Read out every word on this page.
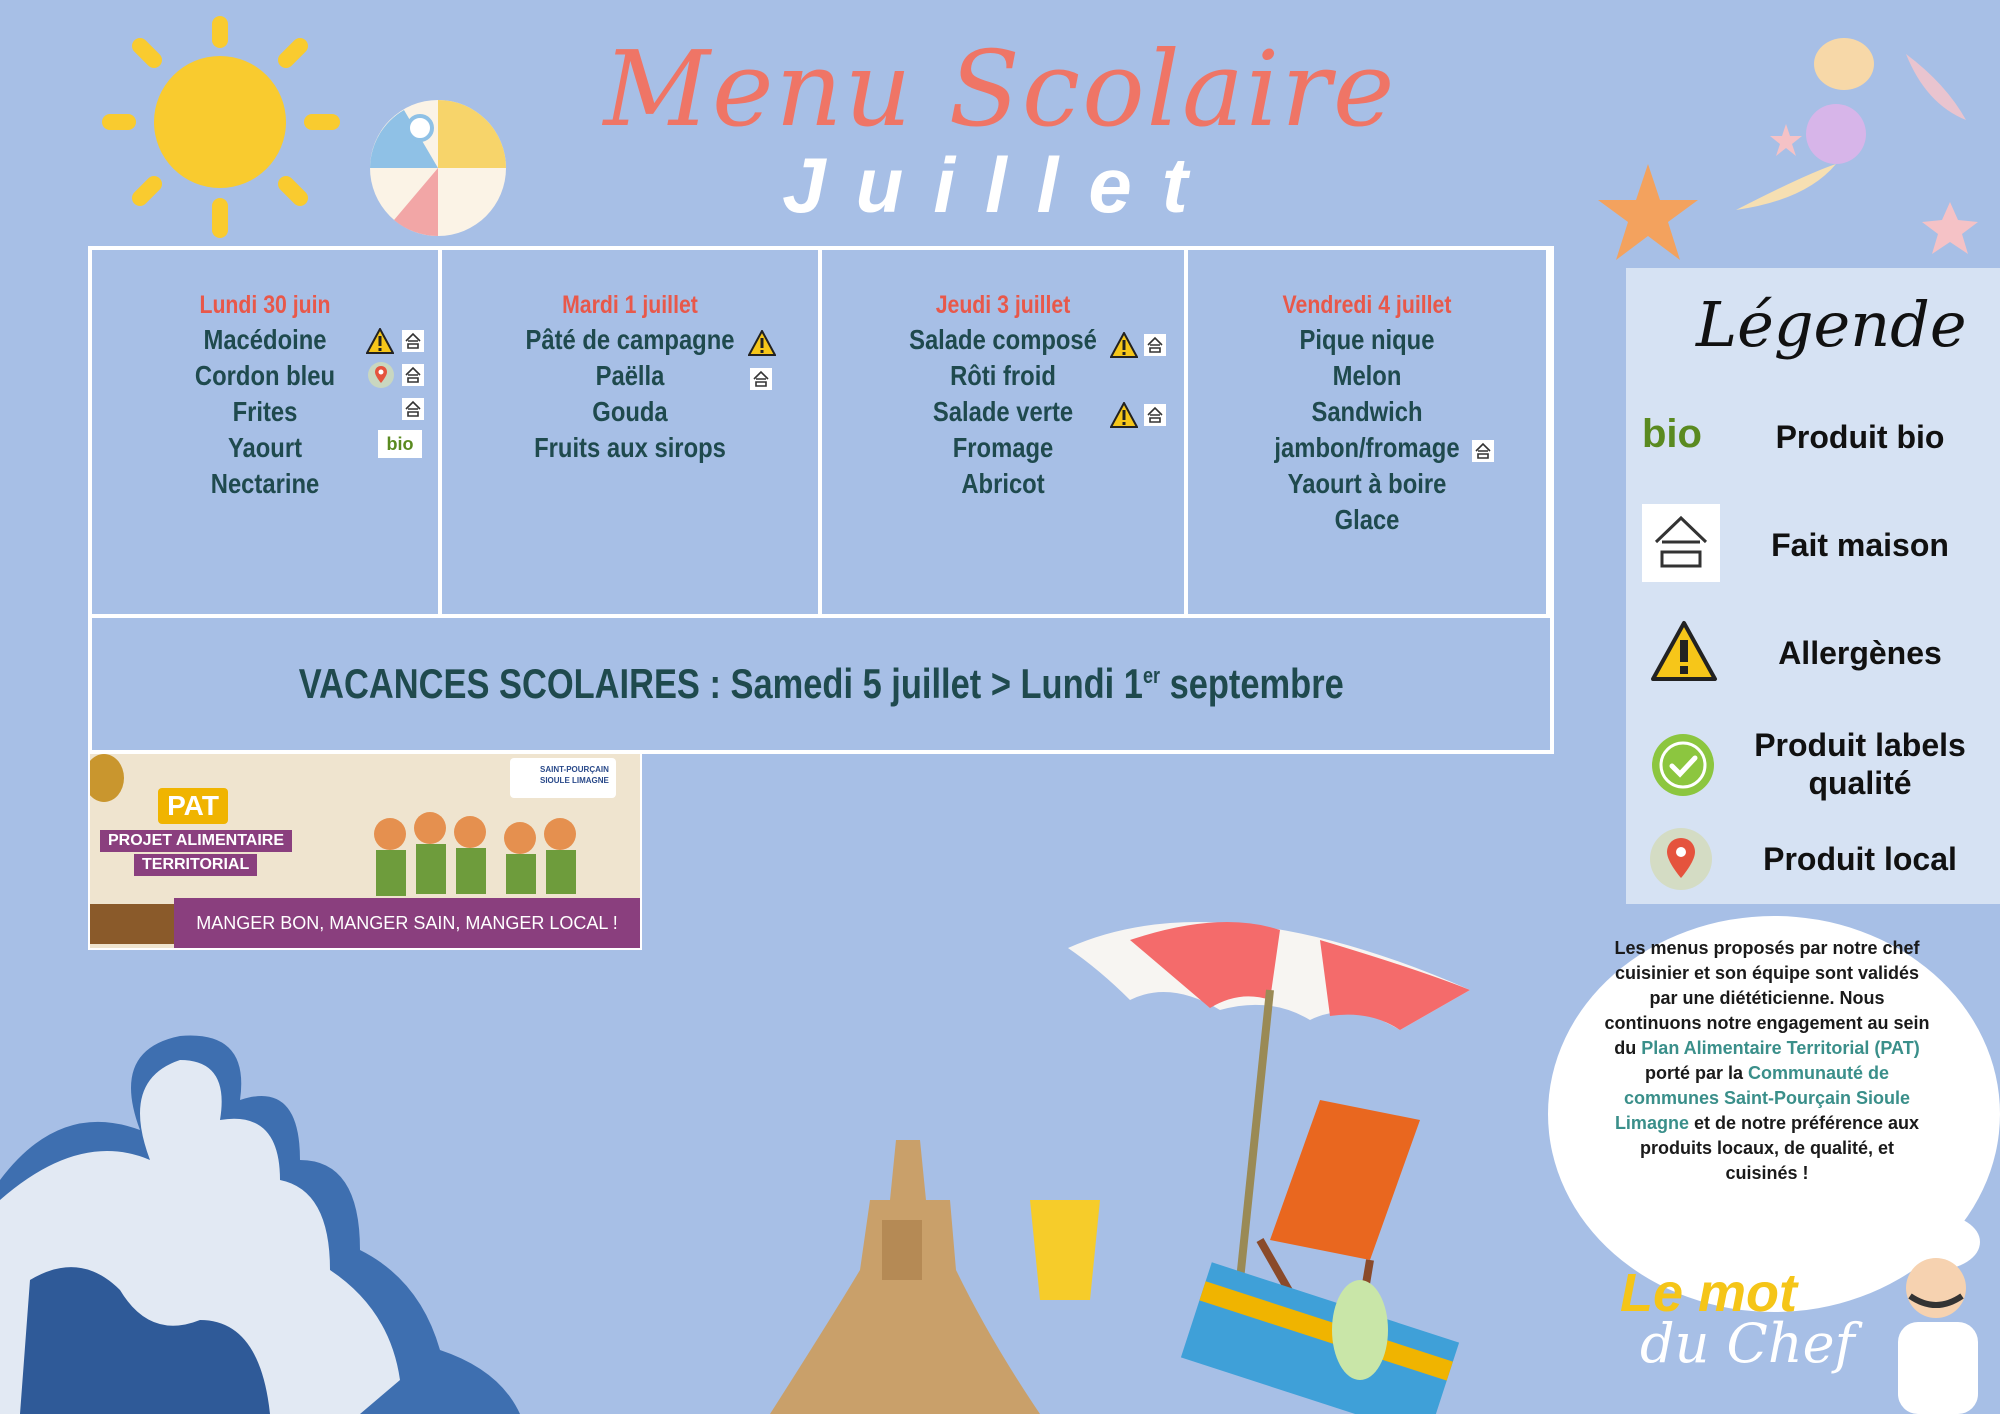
Menu Scolaire
Juillet
Lundi 30 juin
Macédoine
Cordon bleu
Frites
Yaourt
Nectarine
bio
Mardi 1 juillet
Pâté de campagne
Paëlla
Gouda
Fruits aux sirops
Jeudi 3 juillet
Salade composé
Rôti froid
Salade verte
Fromage
Abricot
Vendredi 4 juillet
Pique nique
Melon
Sandwich
jambon/fromage
Yaourt à boire
Glace
VACANCES SCOLAIRES : Samedi 5 juillet > Lundi 1er septembre
PAT
PROJET ALIMENTAIRE
TERRITORIAL
SAINT-POURÇAIN
SIOULE LIMAGNE
MANGER BON, MANGER SAIN, MANGER LOCAL !
Légende
bio	Produit bio
Fait maison
Allergènes
Produit labels qualité
Produit local
Les menus proposés par notre chef cuisinier et son équipe sont validés par une diététicienne. Nous continuons notre engagement au sein du Plan Alimentaire Territorial (PAT) porté par la Communauté de communes Saint-Pourçain Sioule Limagne et de notre préférence aux produits locaux, de qualité, et cuisinés !
Le mot
du Chef
